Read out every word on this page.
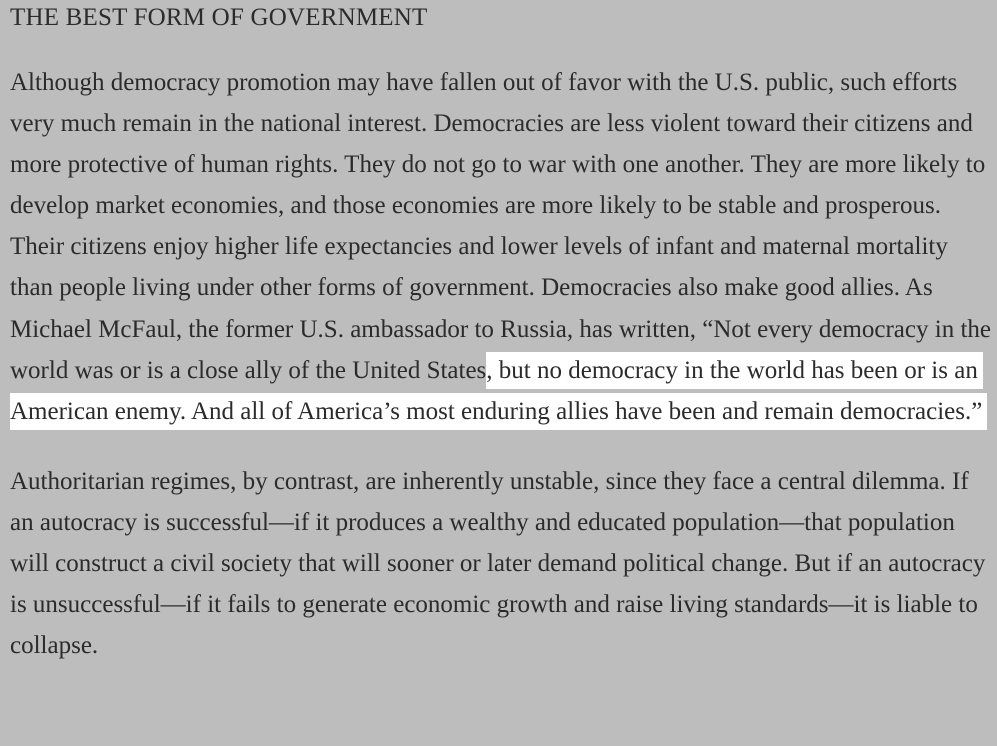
THE BEST FORM OF GOVERNMENT

Although democracy promotion may have fallen out of favor with the U.S. public, such efforts very much remain in the national interest. Democracies are less violent toward their citizens and more protective of human rights. They do not go to war with one another. They are more likely to develop market economies, and those economies are more likely to be stable and prosperous. Their citizens enjoy higher life expectancies and lower levels of infant and maternal mortality than people living under other forms of government. Democracies also make good allies. As Michael McFaul, the former U.S. ambassador to Russia, has written, “Not every democracy in the world was or is a close ally of the United States, but no democracy in the world has been or is an American enemy. And all of America’s most enduring allies have been and remain democracies.”

Authoritarian regimes, by contrast, are inherently unstable, since they face a central dilemma. If an autocracy is successful—if it produces a wealthy and educated population—that population will construct a civil society that will sooner or later demand political change. But if an autocracy is unsuccessful—if it fails to generate economic growth and raise living standards—it is liable to collapse.
